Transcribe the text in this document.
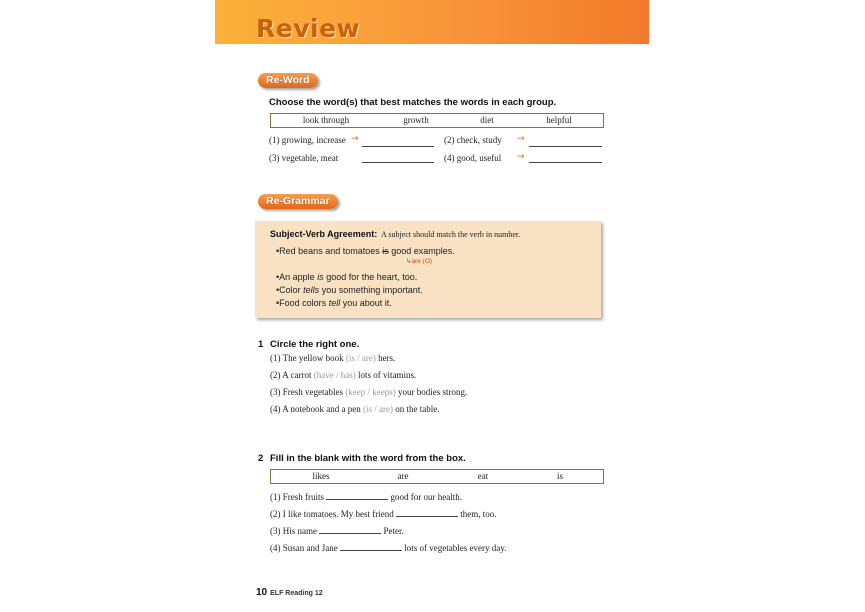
Review
Re-Word
Choose the word(s) that best matches the words in each group.
look through	growth	diet	helpful
(1) growing, increase →	(2) check, study →
(3) vegetable, meat	(4) good, useful →
Re-Grammar
Subject-Verb Agreement: A subject should match the verb in number.
•Red beans and tomatoes is good examples.
↳are (O)
•An apple is good for the heart, too.
•Color tells you something important.
•Food colors tell you about it.
1 Circle the right one.
(1) The yellow book (is / are) hers.
(2) A carrot (have / has) lots of vitamins.
(3) Fresh vegetables (keep / keeps) your bodies strong.
(4) A notebook and a pen (is / are) on the table.
2 Fill in the blank with the word from the box.
likes	are	eat	is
(1) Fresh fruits	good for our health.
(2) I like tomatoes. My best friend	them, too.
(3) His name	Peter.
(4) Susan and Jane	lots of vegetables every day.
10 ELF Reading 12
